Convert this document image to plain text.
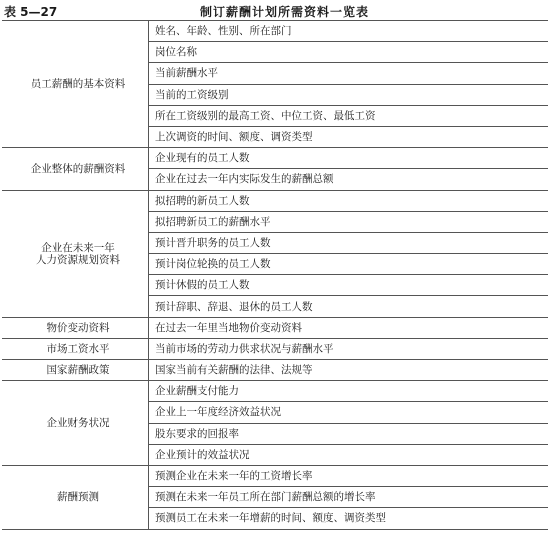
表 5—27	制订薪酬计划所需资料一览表
员工薪酬的基本资料	姓名、年龄、性别、所在部门
	岗位名称
	当前薪酬水平
	当前的工资级别
	所在工资级别的最高工资、中位工资、最低工资
	上次调资的时间、额度、调资类型

企业整体的薪酬资料	企业现有的员工人数
	企业在过去一年内实际发生的薪酬总额

企业在未来一年
人力资源规划资料	拟招聘的新员工人数
	拟招聘新员工的薪酬水平
	预计晋升职务的员工人数
	预计岗位轮换的员工人数
	预计休假的员工人数
	预计辞职、辞退、退休的员工人数

物价变动资料	在过去一年里当地物价变动资料

市场工资水平	当前市场的劳动力供求状况与薪酬水平

国家薪酬政策	国家当前有关薪酬的法律、法规等

企业财务状况	企业薪酬支付能力
	企业上一年度经济效益状况
	股东要求的回报率
	企业预计的效益状况

薪酬预测	预测企业在未来一年的工资增长率
	预测在未来一年员工所在部门薪酬总额的增长率
	预测员工在未来一年增薪的时间、额度、调资类型
